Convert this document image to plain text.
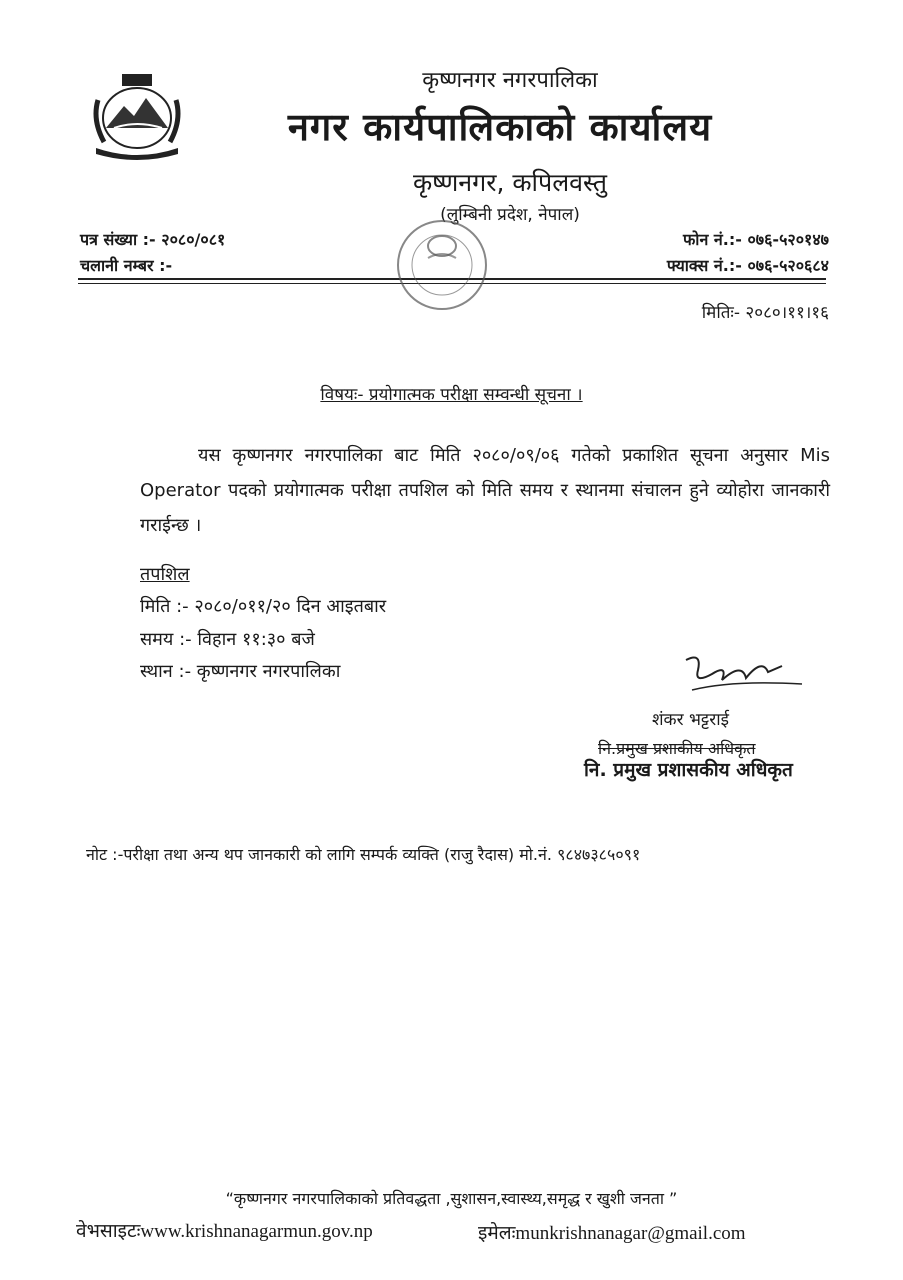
कृष्णनगर नगरपालिका
नगर कार्यपालिकाको कार्यालय
कृष्णनगर, कपिलवस्तु
(लुम्बिनी प्रदेश, नेपाल)
पत्र संख्या :- २०८०/०८१
चलानी नम्बर :-
फोन नं.:- ०७६-५२०१४७
फ्याक्स नं.:- ०७६-५२०६८४
मितिः- २०८०।११।१६
विषयः- प्रयोगात्मक परीक्षा सम्वन्धी सूचना ।
यस कृष्णनगर नगरपालिका बाट मिति २०८०/०९/०६ गतेको प्रकाशित सूचना अनुसार Mis Operator पदको प्रयोगात्मक परीक्षा तपशिल को मिति समय र स्थानमा संचालन हुने व्योहोरा जानकारी गराईन्छ ।
तपशिल
मिति :- २०८०/०११/२० दिन आइतबार
समय :- विहान ११:३० बजे
स्थान :- कृष्णनगर नगरपालिका
शंकर भट्टराई
नि.प्रमुख प्रशाकीय अधिकृत
नि. प्रमुख प्रशासकीय अधिकृत
नोट :-परीक्षा तथा अन्य थप जानकारी को लागि सम्पर्क व्यक्ति (राजु रैदास) मो.नं. ९८४७३८५०९१
“कृष्णनगर नगरपालिकाको प्रतिवद्धता ,सुशासन,स्वास्थ्य,समृद्ध र खुशी जनता ”
वेभसाइटःwww.krishnanagarmun.gov.np	इमेलःmunkrishnanagar@gmail.com
